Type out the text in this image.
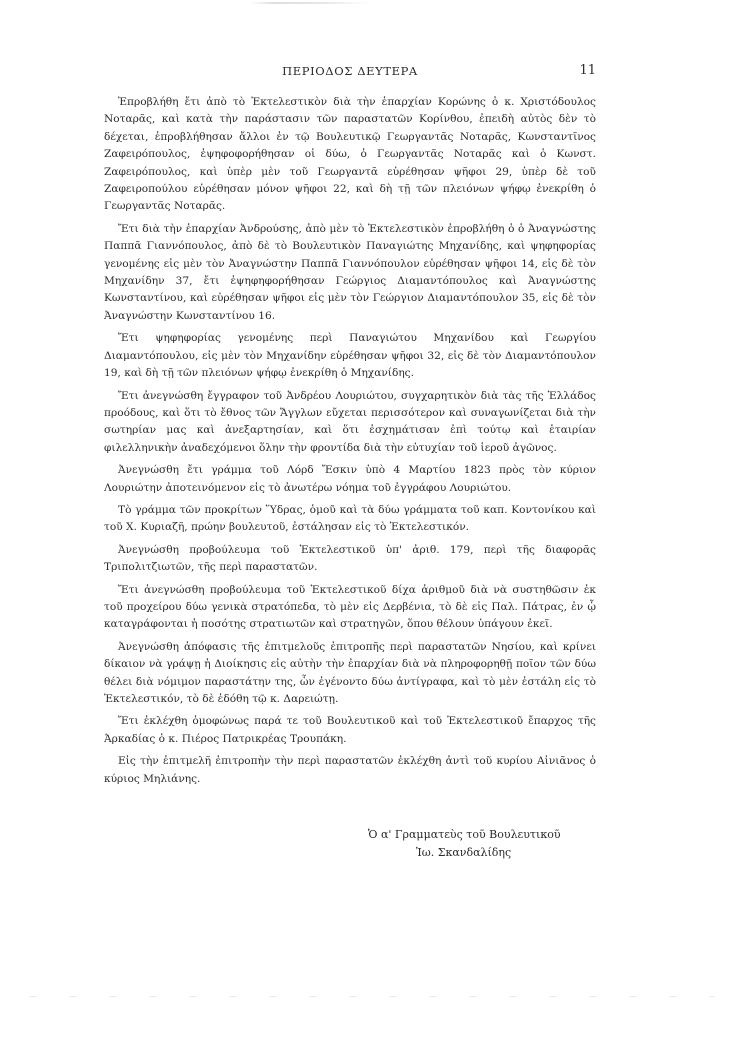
ΠΕΡΙΟΔΟΣ ΔΕΥΤΕΡΑ	11

Ἐπροβλήθη ἔτι ἀπὸ τὸ Ἐκτελεστικὸν διὰ τὴν ἐπαρχίαν Κορώνης ὁ κ. Χριστόδουλος Νοταρᾶς, καὶ κατὰ τὴν παράστασιν τῶν παραστατῶν Κορίνθου, ἐπειδὴ αὐτὸς δὲν τὸ δέχεται, ἐπροβλήθησαν ἄλλοι ἐν τῷ Βουλευτικῷ Γεωργαντᾶς Νοταρᾶς, Κωνσταντῖνος Ζαφειρόπουλος, ἐψηφοφορήθησαν οἱ δύω, ὁ Γεωργαντᾶς Νοταρᾶς καὶ ὁ Κωνστ. Ζαφειρόπουλος, καὶ ὑπὲρ μὲν τοῦ Γεωργαντᾶ εὑρέθησαν ψῆφοι 29, ὑπὲρ δὲ τοῦ Ζαφειροπούλου εὑρέθησαν μόνον ψῆφοι 22, καὶ δὴ τῇ τῶν πλειόνων ψήφῳ ἐνεκρίθη ὁ Γεωργαντᾶς Νοταρᾶς.

Ἔτι διὰ τὴν ἐπαρχίαν Ἀνδρούσης, ἀπὸ μὲν τὸ Ἐκτελεστικὸν ἐπροβλήθη ὁ ὁ Ἀναγνώστης Παππᾶ Γιαννόπουλος, ἀπὸ δὲ τὸ Βουλευτικὸν Παναγιώτης Μηχανίδης, καὶ ψηφηφορίας γενομένης εἰς μὲν τὸν Ἀναγνώστην Παππᾶ Γιαννόπουλον εὑρέθησαν ψῆφοι 14, εἰς δὲ τὸν Μηχανίδην 37, ἔτι ἐψηφηφορήθησαν Γεώργιος Διαμαντόπουλος καὶ Ἀναγνώστης Κωνσταντίνου, καὶ εὑρέθησαν ψῆφοι εἰς μὲν τὸν Γεώργιον Διαμαντόπουλον 35, εἰς δὲ τὸν Ἀναγνώστην Κωνσταντίνου 16.

Ἔτι ψηφηφορίας γενομένης περὶ Παναγιώτου Μηχανίδου καὶ Γεωργίου Διαμαντόπουλου, εἰς μὲν τὸν Μηχανίδην εὑρέθησαν ψῆφοι 32, εἰς δὲ τὸν Διαμαντόπουλον 19, καὶ δὴ τῇ τῶν πλειόνων ψήφῳ ἐνεκρίθη ὁ Μηχανίδης.

Ἔτι ἀνεγνώσθη ἔγγραφον τοῦ Ἀνδρέου Λουριώτου, συγχαρητικὸν διὰ τὰς τῆς Ἑλλάδος προόδους, καὶ ὅτι τὸ ἔθνος τῶν Ἄγγλων εὔχεται περισσότερον καὶ συναγωνίζεται διὰ τὴν σωτηρίαν μας καὶ ἀνεξαρτησίαν, καὶ ὅτι ἐσχημάτισαν ἐπὶ τούτῳ καὶ ἑταιρίαν φιλελληνικὴν ἀναδεχόμενοι ὅλην τὴν φροντίδα διὰ τὴν εὐτυχίαν τοῦ ἱεροῦ ἀγῶνος.

Ἀνεγνώσθη ἔτι γράμμα τοῦ Λόρδ Ἔσκιν ὑπὸ 4 Μαρτίου 1823 πρὸς τὸν κύριον Λουριώτην ἀποτεινόμενον εἰς τὸ ἀνωτέρω νόημα τοῦ ἐγγράφου Λουριώτου.

Τὸ γράμμα τῶν προκρίτων Ὕδρας, ὁμοῦ καὶ τὰ δύω γράμματα τοῦ καπ. Κοντονίκου καὶ τοῦ Χ. Κυριαζῆ, πρώην βουλευτοῦ, ἐστάλησαν εἰς τὸ Ἐκτελεστικόν.

Ἀνεγνώσθη προβούλευμα τοῦ Ἐκτελεστικοῦ ὑπ' ἀριθ. 179, περὶ τῆς διαφορᾶς Τριπολιτζιωτῶν, τῆς περὶ παραστατῶν.

Ἔτι ἀνεγνώσθη προβούλευμα τοῦ Ἐκτελεστικοῦ δίχα ἀριθμοῦ διὰ νὰ συστηθῶσιν ἐκ τοῦ προχείρου δύω γενικὰ στρατόπεδα, τὸ μὲν εἰς Δερβένια, τὸ δὲ εἰς Παλ. Πάτρας, ἐν ᾧ καταγράφονται ἡ ποσότης στρατιωτῶν καὶ στρατηγῶν, ὅπου θέλουν ὑπάγουν ἐκεῖ.

Ἀνεγνώσθη ἀπόφασις τῆς ἐπιτμελοῦς ἐπιτροπῆς περὶ παραστατῶν Νησίου, καὶ κρίνει δίκαιον νὰ γράψῃ ἡ Διοίκησις εἰς αὐτὴν τὴν ἐπαρχίαν διὰ νὰ πληροφορηθῇ ποῖον τῶν δύω θέλει διὰ νόμιμον παραστάτην της, ὧν ἐγένοντο δύω ἀντίγραφα, καὶ τὸ μὲν ἐστάλη εἰς τὸ Ἐκτελεστικόν, τὸ δὲ ἐδόθη τῷ κ. Δαρειώτῃ.

Ἔτι ἐκλέχθη ὁμοφώνως παρά τε τοῦ Βουλευτικοῦ καὶ τοῦ Ἐκτελεστικοῦ ἔπαρχος τῆς Ἀρκαδίας ὁ κ. Πιέρος Πατρικρέας Τρουπάκη.

Εἰς τὴν ἐπιτμελῆ ἐπιτροπὴν τὴν περὶ παραστατῶν ἐκλέχθη ἀντὶ τοῦ κυρίου Αἰνιᾶνος ὁ κύριος Μηλιάνης.

Ὁ α' Γραμματεὺς τοῦ Βουλευτικοῦ
Ἰω. Σκανδαλίδης
